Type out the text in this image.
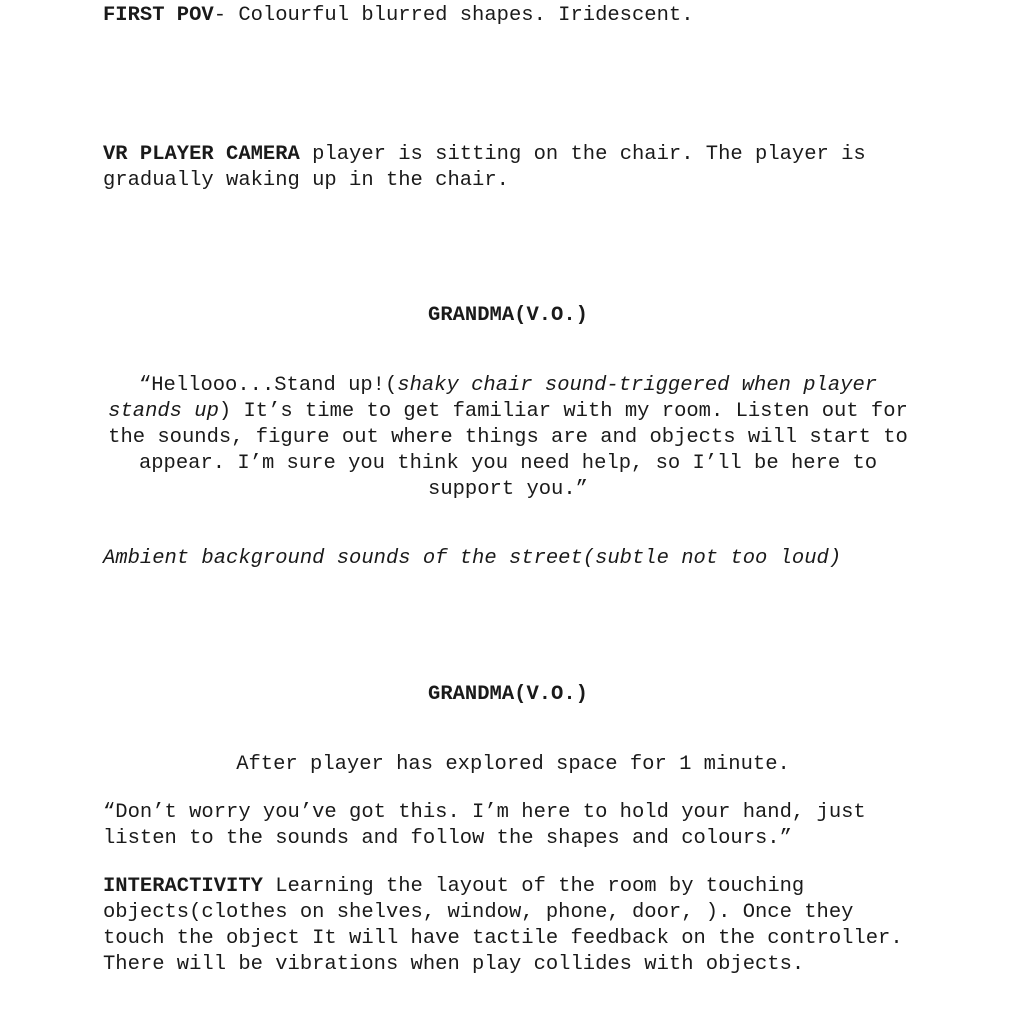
FIRST POV- Colourful blurred shapes. Iridescent.

VR PLAYER CAMERA player is sitting on the chair. The player is gradually waking up in the chair.

GRANDMA(V.O.)

“Hellooo...Stand up!(shaky chair sound-triggered when player stands up) It’s time to get familiar with my room. Listen out for the sounds, figure out where things are and objects will start to appear. I’m sure you think you need help, so I’ll be here to support you.”

Ambient background sounds of the street(subtle not too loud)

GRANDMA(V.O.)

After player has explored space for 1 minute.

“Don’t worry you’ve got this. I’m here to hold your hand, just listen to the sounds and follow the shapes and colours.”

INTERACTIVITY Learning the layout of the room by touching objects(clothes on shelves, window, phone, door, ). Once they touch the object It will have tactile feedback on the controller. There will be vibrations when play collides with objects.
